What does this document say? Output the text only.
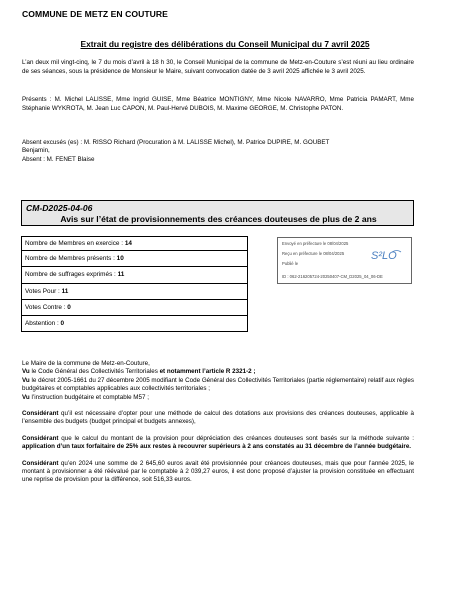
COMMUNE DE METZ EN COUTURE
Extrait du registre des délibérations du Conseil Municipal du 7 avril 2025

L’an deux mil vingt-cinq, le 7 du mois d’avril à 18 h 30, le Conseil Municipal de la commune de Metz-en-Couture s’est réuni au lieu ordinaire de ses séances, sous la présidence de Monsieur le Maire, suivant convocation datée de 3 avril 2025 affichée le 3 avril 2025.

Présents : M. Michel LALISSE, Mme Ingrid GUISE, Mme Béatrice MONTIGNY, Mme Nicole NAVARRO, Mme Patricia PAMART, Mme Stéphanie WYKROTA, M. Jean Luc CAPON, M. Paul-Hervé DUBOIS, M. Maxime GEORGE, M. Christophe PATON.

Absent excusés (es) : M. RISSO Richard (Procuration à M. LALISSE Michel), M. Patrice DUPIRE, M. GOUBET
Benjamin,
Absent : M. FENET Blaise
CM-D2025-04-06
Avis sur l’état de provisionnements des créances douteuses de plus de 2 ans
Nombre de Membres en exercice : 14
Nombre de Membres présents : 10
Nombre de suffrages exprimés : 11
Votes Pour : 11
Votes Contre : 0
Abstention : 0
Envoyé en préfecture le 08/04/2025
Reçu en préfecture le 08/04/2025
Publié le
ID : 062-216205724-20250407-CM_D2025_04_06-DE
S²LO

Le Maire de la commune de Metz-en-Couture,

Vu le Code Général des Collectivités Territoriales et notamment l’article R 2321-2 ;

Vu le décret 2005-1661 du 27 décembre 2005 modifiant le Code Général des Collectivités Territoriales (partie réglementaire) relatif aux règles budgétaires et comptables applicables aux collectivités territoriales ;

Vu l’instruction budgétaire et comptable M57 ;

Considérant qu’il est nécessaire d’opter pour une méthode de calcul des dotations aux provisions des créances douteuses, applicable à l’ensemble des budgets (budget principal et budgets annexes),

Considérant que le calcul du montant de la provision pour dépréciation des créances douteuses sont basés sur la méthode suivante : application d’un taux forfaitaire de 25% aux restes à recouvrer supérieurs à 2 ans constatés au 31 décembre de l’année budgétaire.

Considérant qu’en 2024 une somme de 2 645,60 euros avait été provisionnée pour créances douteuses, mais que pour l’année 2025, le montant à provisionner a été réévalué par le comptable à 2 039,27 euros, il est donc proposé d’ajuster la provision constituée en effectuant une reprise de provision pour la différence, soit 516,33 euros.
